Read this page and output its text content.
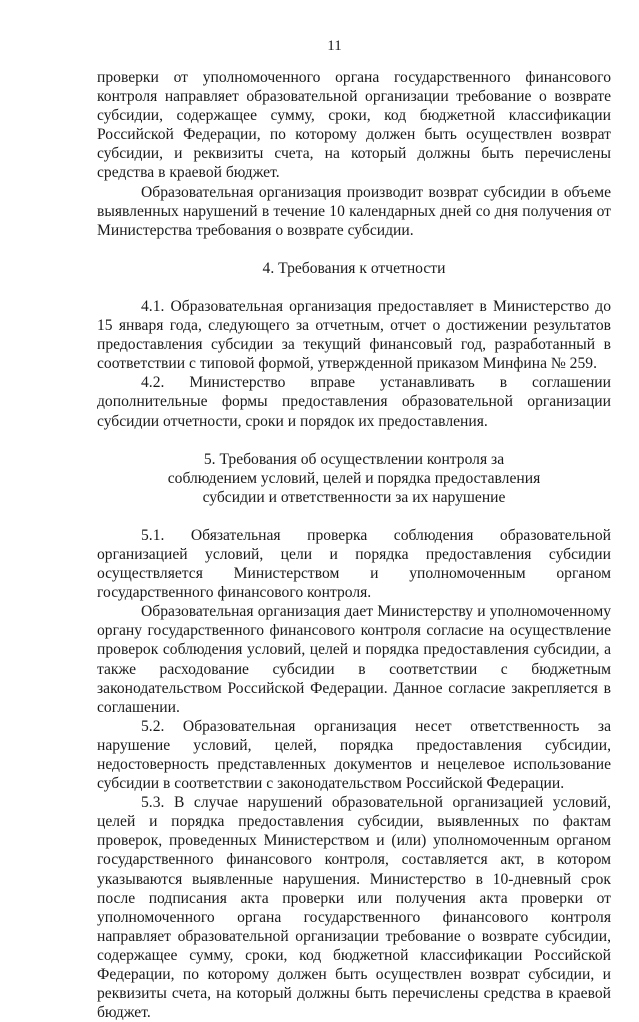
11

проверки от уполномоченного органа государственного финансового контроля направляет образовательной организации требование о возврате субсидии, содержащее сумму, сроки, код бюджетной классификации Российской Федерации, по которому должен быть осуществлен возврат субсидии, и реквизиты счета, на который должны быть перечислены средства в краевой бюджет.

Образовательная организация производит возврат субсидии в объеме выявленных нарушений в течение 10 календарных дней со дня получения от Министерства требования о возврате субсидии.

4. Требования к отчетности

4.1. Образовательная организация предоставляет в Министерство до 15 января года, следующего за отчетным, отчет о достижении результатов предоставления субсидии за текущий финансовый год, разработанный в соответствии с типовой формой, утвержденной приказом Минфина № 259.

4.2. Министерство вправе устанавливать в соглашении дополнительные формы предоставления образовательной организации субсидии отчетности, сроки и порядок их предоставления.

5. Требования об осуществлении контроля за
соблюдением условий, целей и порядка предоставления
субсидии и ответственности за их нарушение

5.1. Обязательная проверка соблюдения образовательной организацией условий, цели и порядка предоставления субсидии осуществляется Министерством и уполномоченным органом государственного финансового контроля.

Образовательная организация дает Министерству и уполномоченному органу государственного финансового контроля согласие на осуществление проверок соблюдения условий, целей и порядка предоставления субсидии, а также расходование субсидии в соответствии с бюджетным законодательством Российской Федерации. Данное согласие закрепляется в соглашении.

5.2. Образовательная организация несет ответственность за нарушение условий, целей, порядка предоставления субсидии, недостоверность представленных документов и нецелевое использование субсидии в соответствии с законодательством Российской Федерации.

5.3. В случае нарушений образовательной организацией условий, целей и порядка предоставления субсидии, выявленных по фактам проверок, проведенных Министерством и (или) уполномоченным органом государственного финансового контроля, составляется акт, в котором указываются выявленные нарушения. Министерство в 10-дневный срок после подписания акта проверки или получения акта проверки от уполномоченного органа государственного финансового контроля направляет образовательной организации требование о возврате субсидии, содержащее сумму, сроки, код бюджетной классификации Российской Федерации, по которому должен быть осуществлен возврат субсидии, и реквизиты счета, на который должны быть перечислены средства в краевой бюджет.
